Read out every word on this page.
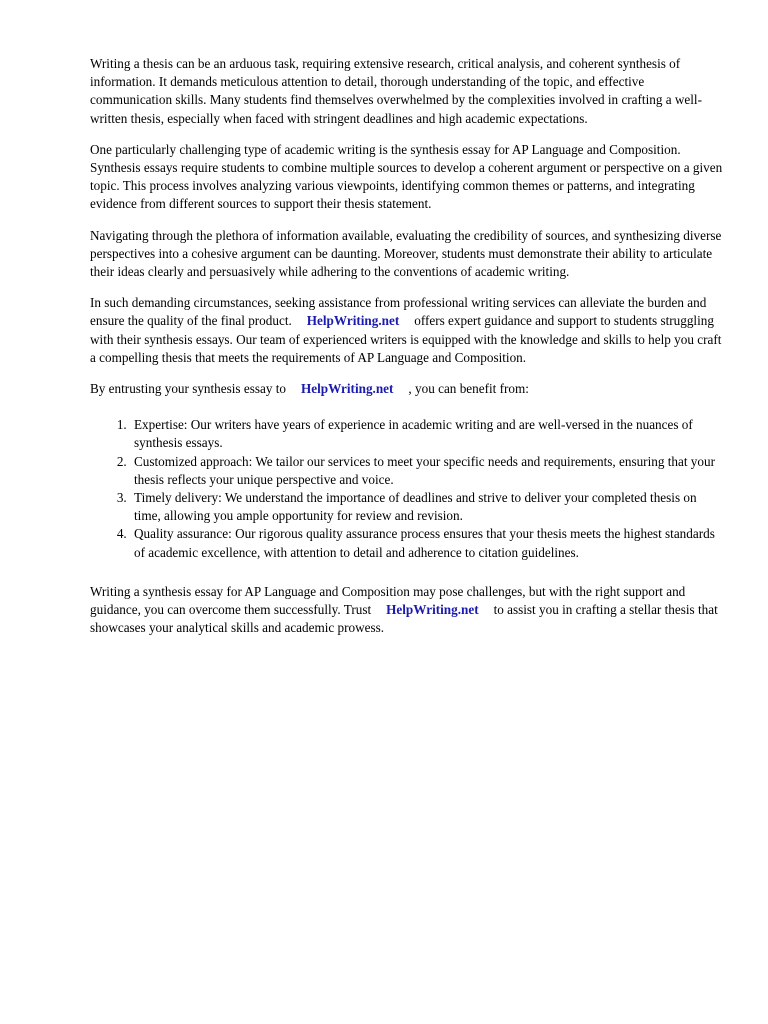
Writing a thesis can be an arduous task, requiring extensive research, critical analysis, and coherent synthesis of information. It demands meticulous attention to detail, thorough understanding of the topic, and effective communication skills. Many students find themselves overwhelmed by the complexities involved in crafting a well-written thesis, especially when faced with stringent deadlines and high academic expectations.

One particularly challenging type of academic writing is the synthesis essay for AP Language and Composition. Synthesis essays require students to combine multiple sources to develop a coherent argument or perspective on a given topic. This process involves analyzing various viewpoints, identifying common themes or patterns, and integrating evidence from different sources to support their thesis statement.

Navigating through the plethora of information available, evaluating the credibility of sources, and synthesizing diverse perspectives into a cohesive argument can be daunting. Moreover, students must demonstrate their ability to articulate their ideas clearly and persuasively while adhering to the conventions of academic writing.

In such demanding circumstances, seeking assistance from professional writing services can alleviate the burden and ensure the quality of the final product. HelpWriting.net offers expert guidance and support to students struggling with their synthesis essays. Our team of experienced writers is equipped with the knowledge and skills to help you craft a compelling thesis that meets the requirements of AP Language and Composition.

By entrusting your synthesis essay to HelpWriting.net , you can benefit from:

1. Expertise: Our writers have years of experience in academic writing and are well-versed in the nuances of synthesis essays.
2. Customized approach: We tailor our services to meet your specific needs and requirements, ensuring that your thesis reflects your unique perspective and voice.
3. Timely delivery: We understand the importance of deadlines and strive to deliver your completed thesis on time, allowing you ample opportunity for review and revision.
4. Quality assurance: Our rigorous quality assurance process ensures that your thesis meets the highest standards of academic excellence, with attention to detail and adherence to citation guidelines.

Writing a synthesis essay for AP Language and Composition may pose challenges, but with the right support and guidance, you can overcome them successfully. Trust HelpWriting.net to assist you in crafting a stellar thesis that showcases your analytical skills and academic prowess.
